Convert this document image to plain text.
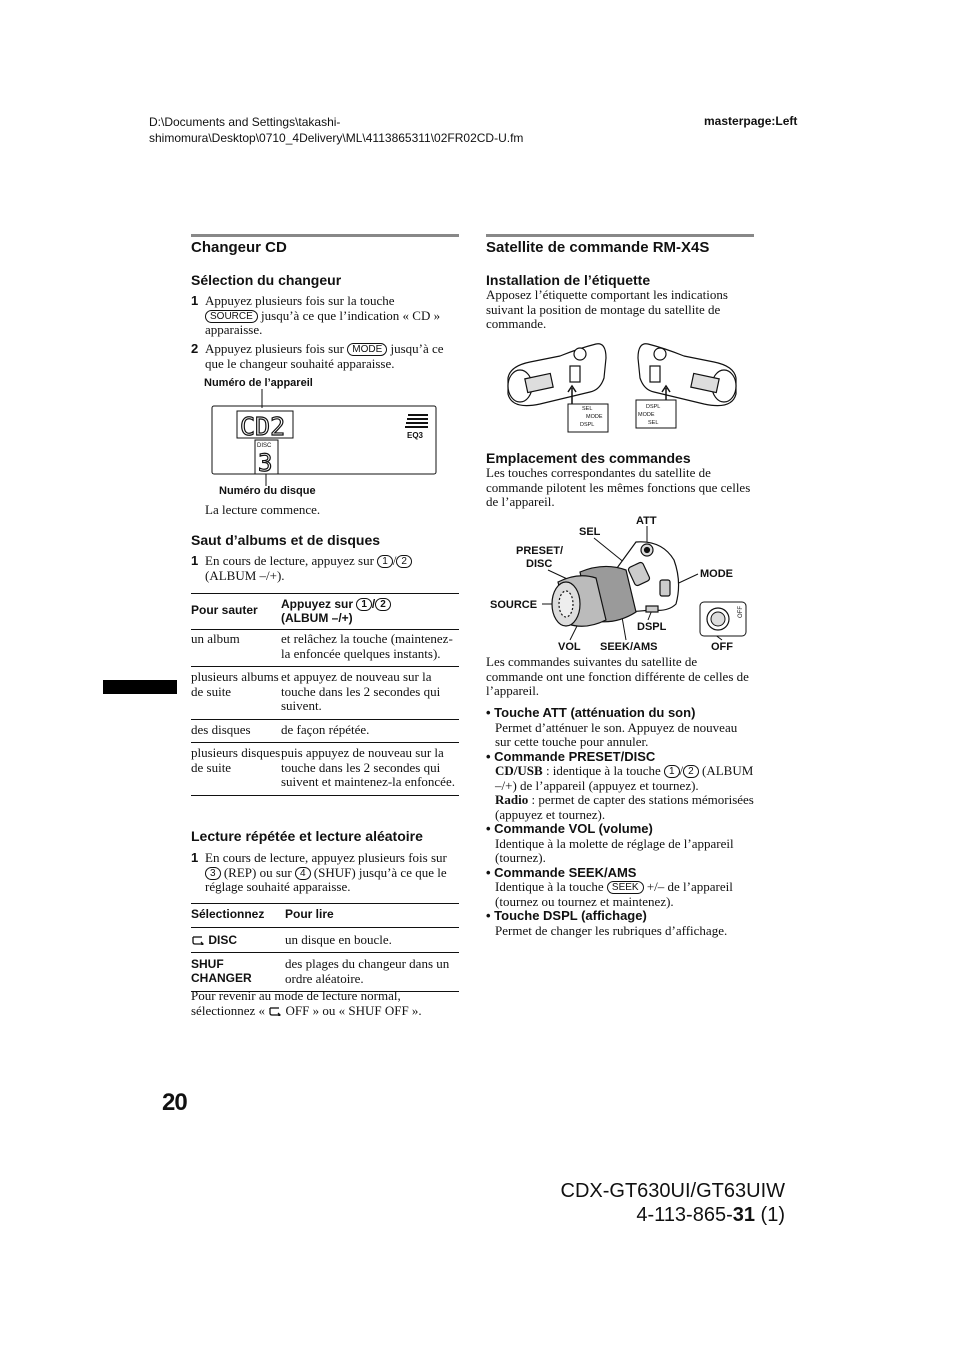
D:\Documents and Settings\takashi-shimomura\Desktop\0710_4Delivery\ML\4113865311\02FR02CD-U.fm
masterpage:Left
Changeur CD
Sélection du changeur
1 Appuyez plusieurs fois sur la touche
SOURCE jusqu’à ce que l’indication « CD » apparaisse.
2 Appuyez plusieurs fois sur MODE jusqu’à ce que le changeur souhaité apparaisse.
Numéro de l’appareil
CD2
DISC
3
EQ3
Numéro du disque
La lecture commence.
Saut d’albums et de disques
1 En cours de lecture, appuyez sur 1 / 2
(ALBUM –/+).
Pour sauter	Appuyez sur 1 / 2
(ALBUM –/+)
un album	et relâchez la touche (maintenez-la enfoncée quelques instants).
plusieurs albums de suite	et appuyez de nouveau sur la touche dans les 2 secondes qui suivent.
des disques	de façon répétée.
plusieurs disques de suite	puis appuyez de nouveau sur la touche dans les 2 secondes qui suivent et maintenez-la enfoncée.
Lecture répétée et lecture aléatoire
1 En cours de lecture, appuyez plusieurs fois sur
3 (REP) ou sur 4 (SHUF) jusqu’à ce que le réglage souhaité apparaisse.
Sélectionnez	Pour lire
DISC	un disque en boucle.
SHUF CHANGER	des plages du changeur dans un ordre aléatoire.
Pour revenir au mode de lecture normal, sélectionnez « OFF » ou « SHUF OFF ».
Satellite de commande RM-X4S
Installation de l’étiquette
Apposez l’étiquette comportant les indications suivant la position de montage du satellite de commande.
SEL
MODE
DSPL
DSPL
MODE
SEL
Emplacement des commandes
Les touches correspondantes du satellite de commande pilotent les mêmes fonctions que celles de l’appareil.
ATT
SEL
PRESET/
DISC
MODE
SOURCE
DSPL
VOL SEEK/AMS	OFF
OFF
Les commandes suivantes du satellite de commande ont une fonction différente de celles de l’appareil.
• Touche ATT (atténuation du son)
Permet d’atténuer le son. Appuyez de nouveau sur cette touche pour annuler.
• Commande PRESET/DISC
CD/USB : identique à la touche 1 / 2 (ALBUM –/+) de l’appareil (appuyez et tournez).
Radio : permet de capter des stations mémorisées (appuyez et tournez).
• Commande VOL (volume)
Identique à la molette de réglage de l’appareil (tournez).
• Commande SEEK/AMS
Identique à la touche SEEK +/– de l’appareil (tournez ou tournez et maintenez).
• Touche DSPL (affichage)
Permet de changer les rubriques d’affichage.
20
CDX-GT630UI/GT63UIW
4-113-865-31 (1)
